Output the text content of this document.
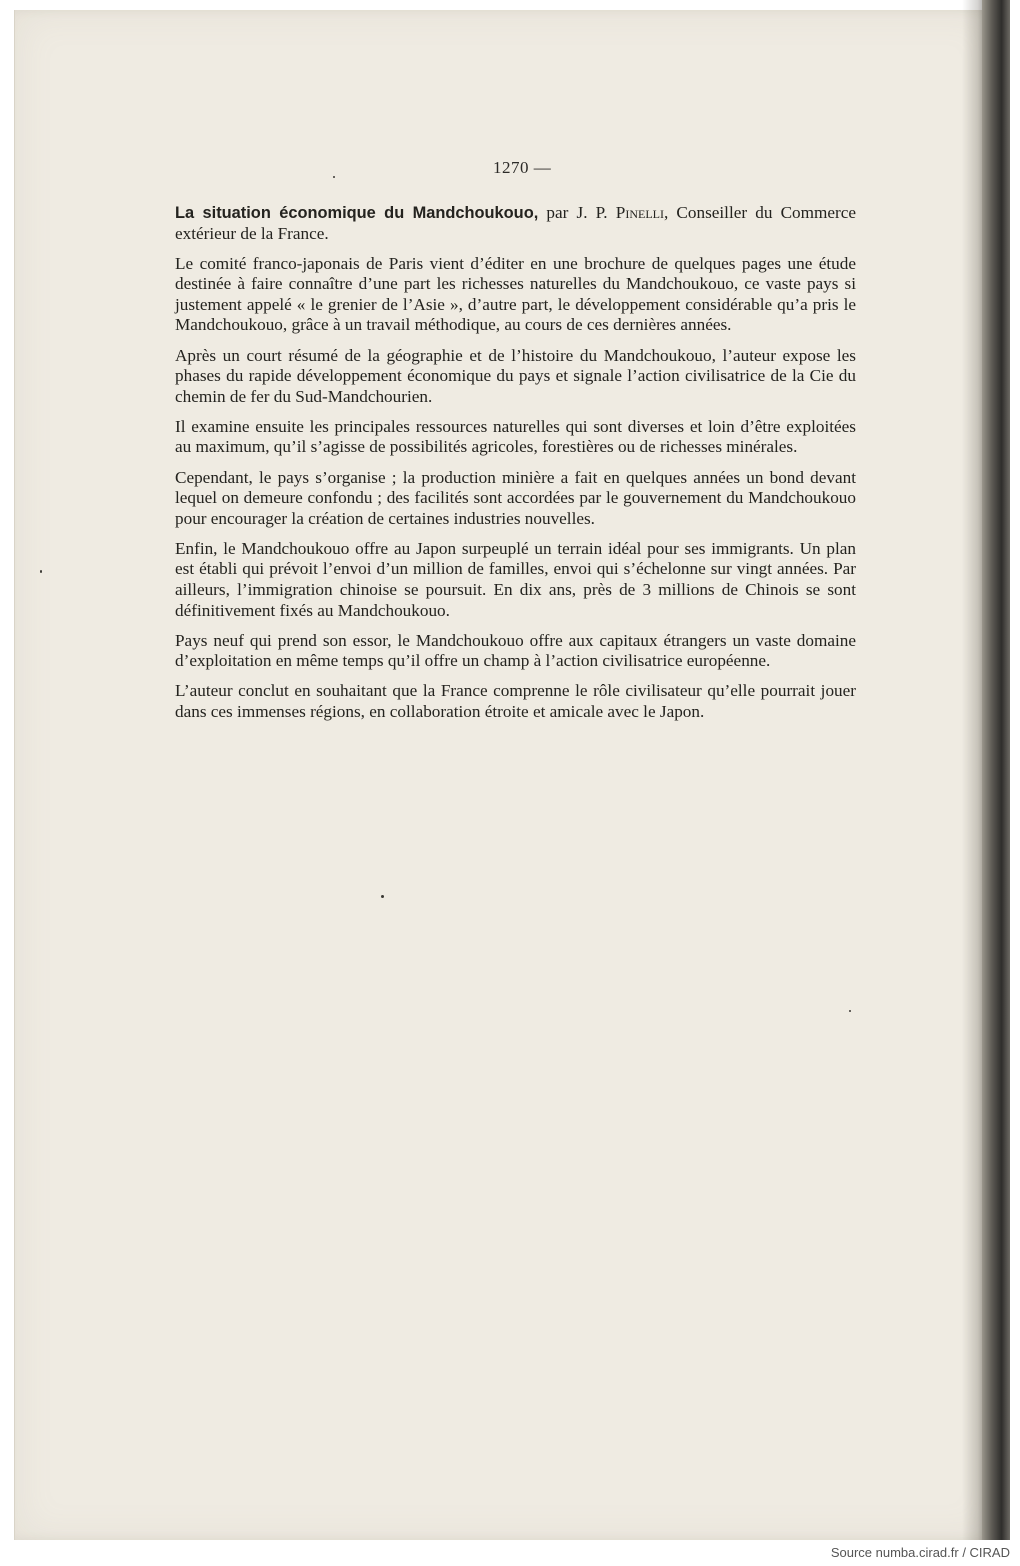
1270 —

La situation économique du Mandchoukouo, par J. P. Pinelli, Conseiller du Commerce extérieur de la France.

Le comité franco-japonais de Paris vient d’éditer en une brochure de quelques pages une étude destinée à faire connaître d’une part les richesses naturelles du Mandchoukouo, ce vaste pays si justement appelé « le grenier de l’Asie », d’autre part, le développement considérable qu’a pris le Mandchoukouo, grâce à un travail méthodique, au cours de ces dernières années.

Après un court résumé de la géographie et de l’histoire du Mandchoukouo, l’auteur expose les phases du rapide développement économique du pays et signale l’action civilisatrice de la Cie du chemin de fer du Sud-Mandchourien.

Il examine ensuite les principales ressources naturelles qui sont diverses et loin d’être exploitées au maximum, qu’il s’agisse de possibilités agricoles, forestières ou de richesses minérales.

Cependant, le pays s’organise ; la production minière a fait en quelques années un bond devant lequel on demeure confondu ; des facilités sont accordées par le gouvernement du Mandchoukouo pour encourager la création de certaines industries nouvelles.

Enfin, le Mandchoukouo offre au Japon surpeuplé un terrain idéal pour ses immigrants. Un plan est établi qui prévoit l’envoi d’un million de familles, envoi qui s’échelonne sur vingt années. Par ailleurs, l’immigration chinoise se poursuit. En dix ans, près de 3 millions de Chinois se sont définitivement fixés au Mandchoukouo.

Pays neuf qui prend son essor, le Mandchoukouo offre aux capitaux étrangers un vaste domaine d’exploitation en même temps qu’il offre un champ à l’action civilisatrice européenne.

L’auteur conclut en souhaitant que la France comprenne le rôle civilisateur qu’elle pourrait jouer dans ces immenses régions, en collaboration étroite et amicale avec le Japon.

Source numba.cirad.fr / CIRAD
